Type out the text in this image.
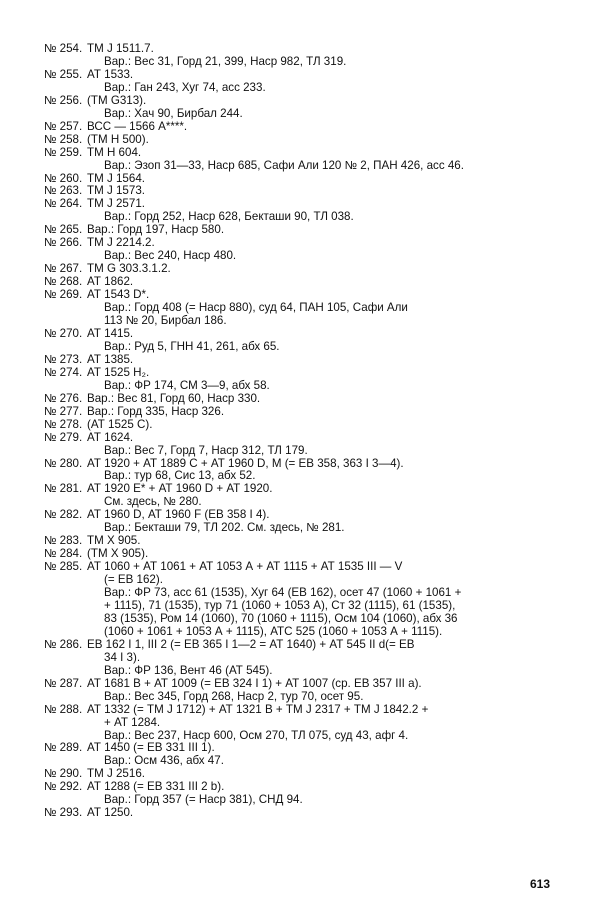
№ 254. ТМ J 1511.7.
Вар.: Вес 31, Горд 21, 399, Наср 982, ТЛ 319.
№ 255. АТ 1533.
Вар.: Ган 243, Хуг 74, асс 233.
№ 256. (ТМ G313).
Вар.: Хач 90, Бирбал 244.
№ 257. ВСС — 1566 А****.
№ 258. (ТМ Н 500).
№ 259. ТМ Н 604.
Вар.: Эзоп 31—33, Наср 685, Сафи Али 120 № 2, ПАН 426, асс 46.
№ 260. ТМ J 1564.
№ 263. ТМ J 1573.
№ 264. ТМ J 2571.
Вар.: Горд 252, Наср 628, Бекташи 90, ТЛ 038.
№ 265. Вар.: Горд 197, Наср 580.
№ 266. ТМ J 2214.2.
Вар.: Вес 240, Наср 480.
№ 267. ТМ G 303.3.1.2.
№ 268. АТ 1862.
№ 269. АТ 1543 D*.
Вар.: Горд 408 (= Наср 880), суд 64, ПАН 105, Сафи Али
113 № 20, Бирбал 186.
№ 270. АТ 1415.
Вар.: Руд 5, ГНН 41, 261, абх 65.
№ 273. АТ 1385.
№ 274. АТ 1525 Н₂.
Вар.: ФР 174, СМ 3—9, абх 58.
№ 276. Вар.: Вес 81, Горд 60, Наср 330.
№ 277. Вар.: Горд 335, Наср 326.
№ 278. (АТ 1525 С).
№ 279. АТ 1624.
Вар.: Вес 7, Горд 7, Наср 312, ТЛ 179.
№ 280. АТ 1920 + АТ 1889 С + АТ 1960 D, М (= ЕВ 358, 363 I 3—4).
Вар.: тур 68, Сис 13, абх 52.
№ 281. АТ 1920 Е* + АТ 1960 D + АТ 1920.
См. здесь, № 280.
№ 282. АТ 1960 D, АТ 1960 F (ЕВ 358 I 4).
Вар.: Бекташи 79, ТЛ 202. См. здесь, № 281.
№ 283. ТМ Х 905.
№ 284. (ТМ Х 905).
№ 285. АТ 1060 + АТ 1061 + АТ 1053 А + АТ 1115 + АТ 1535 III — V
(= ЕВ 162).
Вар.: ФР 73, асс 61 (1535), Хуг 64 (ЕВ 162), осет 47 (1060 + 1061 +
+ 1115), 71 (1535), тур 71 (1060 + 1053 А), Ст 32 (1115), 61 (1535),
83 (1535), Ром 14 (1060), 70 (1060 + 1115), Осм 104 (1060), абх 36
(1060 + 1061 + 1053 А + 1115), АТС 525 (1060 + 1053 А + 1115).
№ 286. ЕВ 162 I 1, III 2 (= ЕВ 365 I 1—2 = АТ 1640) + АТ 545 II d(= ЕВ
34 I 3).
Вар.: ФР 136, Вент 46 (АТ 545).
№ 287. АТ 1681 В + АТ 1009 (= ЕВ 324 I 1) + АТ 1007 (ср. ЕВ 357 III а).
Вар.: Вес 345, Горд 268, Наср 2, тур 70, осет 95.
№ 288. АТ 1332 (= ТМ J 1712) + АТ 1321 В + ТМ J 2317 + ТМ J 1842.2 +
+ АТ 1284.
Вар.: Вес 237, Наср 600, Осм 270, ТЛ 075, суд 43, афг 4.
№ 289. АТ 1450 (= ЕВ 331 III 1).
Вар.: Осм 436, абх 47.
№ 290. ТМ J 2516.
№ 292. АТ 1288 (= ЕВ 331 III 2 b).
Вар.: Горд 357 (= Наср 381), СНД 94.
№ 293. АТ 1250.
613
